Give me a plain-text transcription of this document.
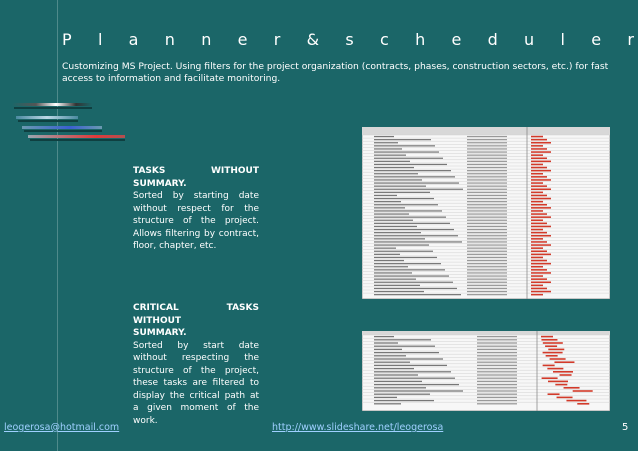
P l a n n e r & s c h e d u l e r
Customizing MS Project. Using filters for the project organization (contracts, phases, construction sectors, etc.) for fast access to information and facilitate monitoring.
TASKS WITHOUT
SUMMARY.

Sorted by starting date without respect for the structure of the project. Allows filtering by contract, floor, chapter, etc.

CRITICAL TASKS WITHOUT
SUMMARY.

Sorted by start date without respecting the structure of the project, these tasks are filtered to display the critical path at a given moment of the work.

leogerosa@hotmail.com	http://www.slideshare.net/leogerosa	5
